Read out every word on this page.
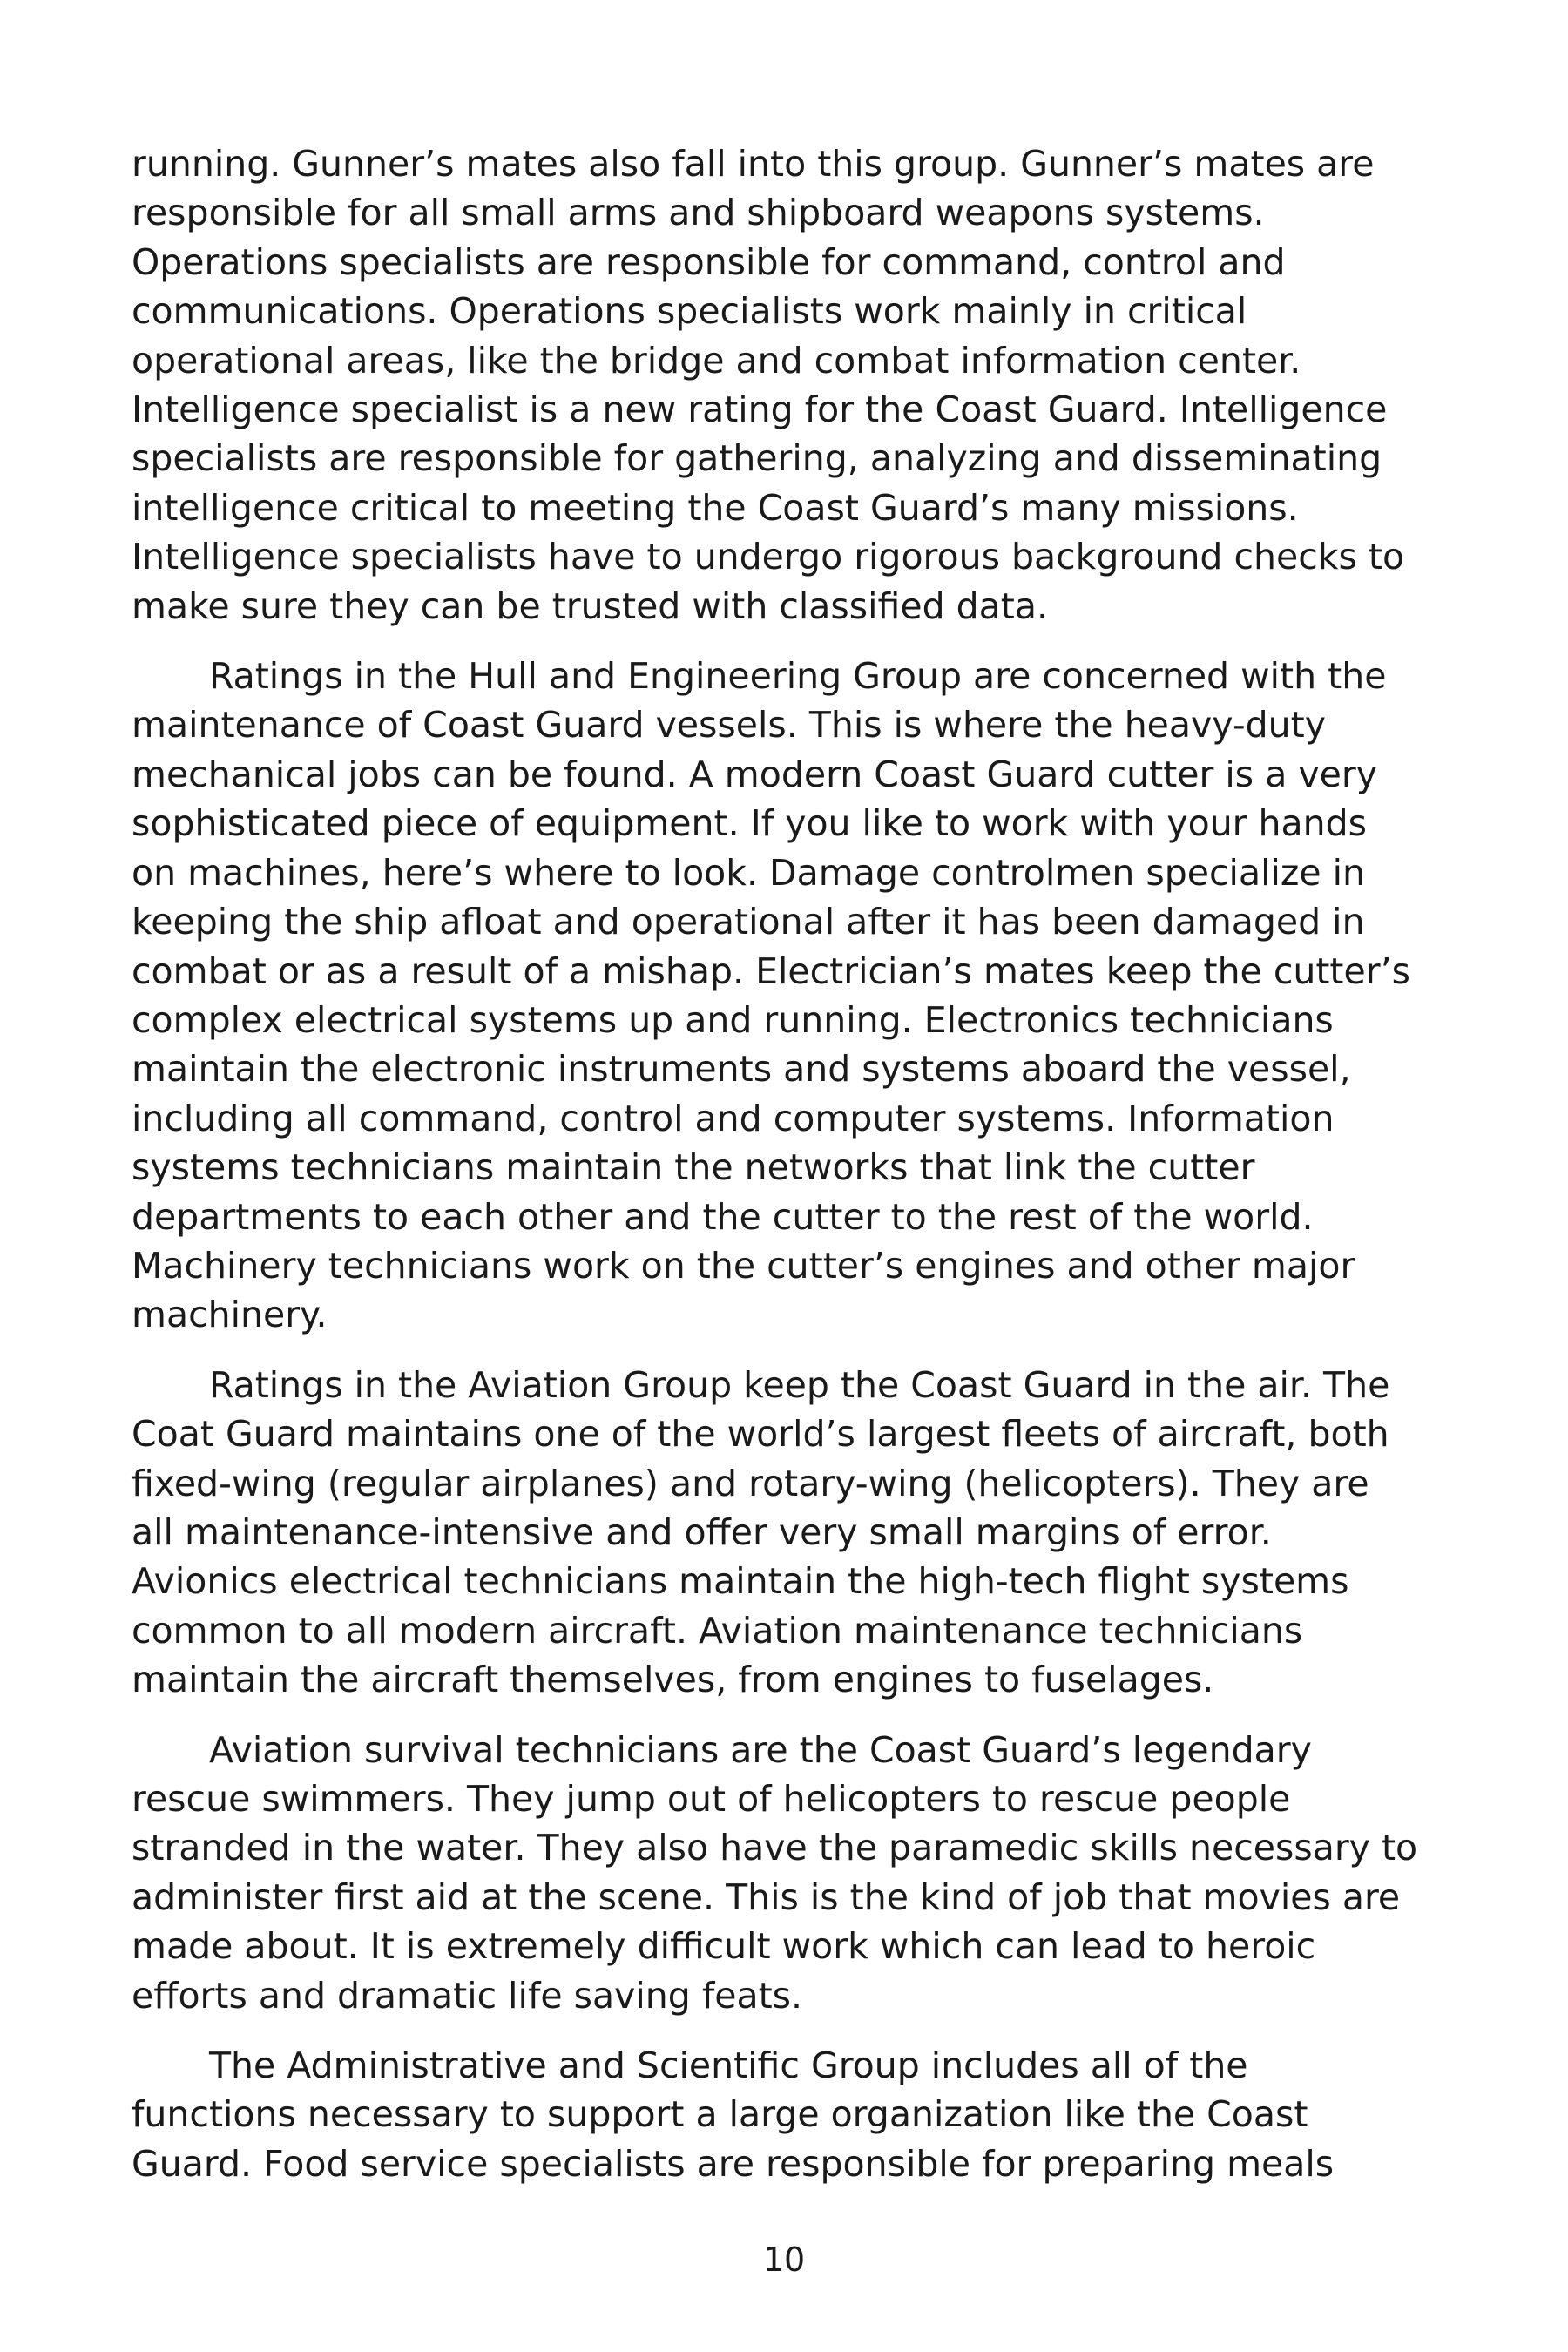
running. Gunner’s mates also fall into this group. Gunner’s mates are
responsible for all small arms and shipboard weapons systems.
Operations specialists are responsible for command, control and
communications. Operations specialists work mainly in critical
operational areas, like the bridge and combat information center.
Intelligence specialist is a new rating for the Coast Guard. Intelligence
specialists are responsible for gathering, analyzing and disseminating
intelligence critical to meeting the Coast Guard’s many missions.
Intelligence specialists have to undergo rigorous background checks to
make sure they can be trusted with classified data.

Ratings in the Hull and Engineering Group are concerned with the
maintenance of Coast Guard vessels. This is where the heavy-duty
mechanical jobs can be found. A modern Coast Guard cutter is a very
sophisticated piece of equipment. If you like to work with your hands
on machines, here’s where to look. Damage controlmen specialize in
keeping the ship afloat and operational after it has been damaged in
combat or as a result of a mishap. Electrician’s mates keep the cutter’s
complex electrical systems up and running. Electronics technicians
maintain the electronic instruments and systems aboard the vessel,
including all command, control and computer systems. Information
systems technicians maintain the networks that link the cutter
departments to each other and the cutter to the rest of the world.
Machinery technicians work on the cutter’s engines and other major
machinery.

Ratings in the Aviation Group keep the Coast Guard in the air. The
Coat Guard maintains one of the world’s largest fleets of aircraft, both
fixed-wing (regular airplanes) and rotary-wing (helicopters). They are
all maintenance-intensive and offer very small margins of error.
Avionics electrical technicians maintain the high-tech flight systems
common to all modern aircraft. Aviation maintenance technicians
maintain the aircraft themselves, from engines to fuselages.

Aviation survival technicians are the Coast Guard’s legendary
rescue swimmers. They jump out of helicopters to rescue people
stranded in the water. They also have the paramedic skills necessary to
administer first aid at the scene. This is the kind of job that movies are
made about. It is extremely difficult work which can lead to heroic
efforts and dramatic life saving feats.

The Administrative and Scientific Group includes all of the
functions necessary to support a large organization like the Coast
Guard. Food service specialists are responsible for preparing meals

10
